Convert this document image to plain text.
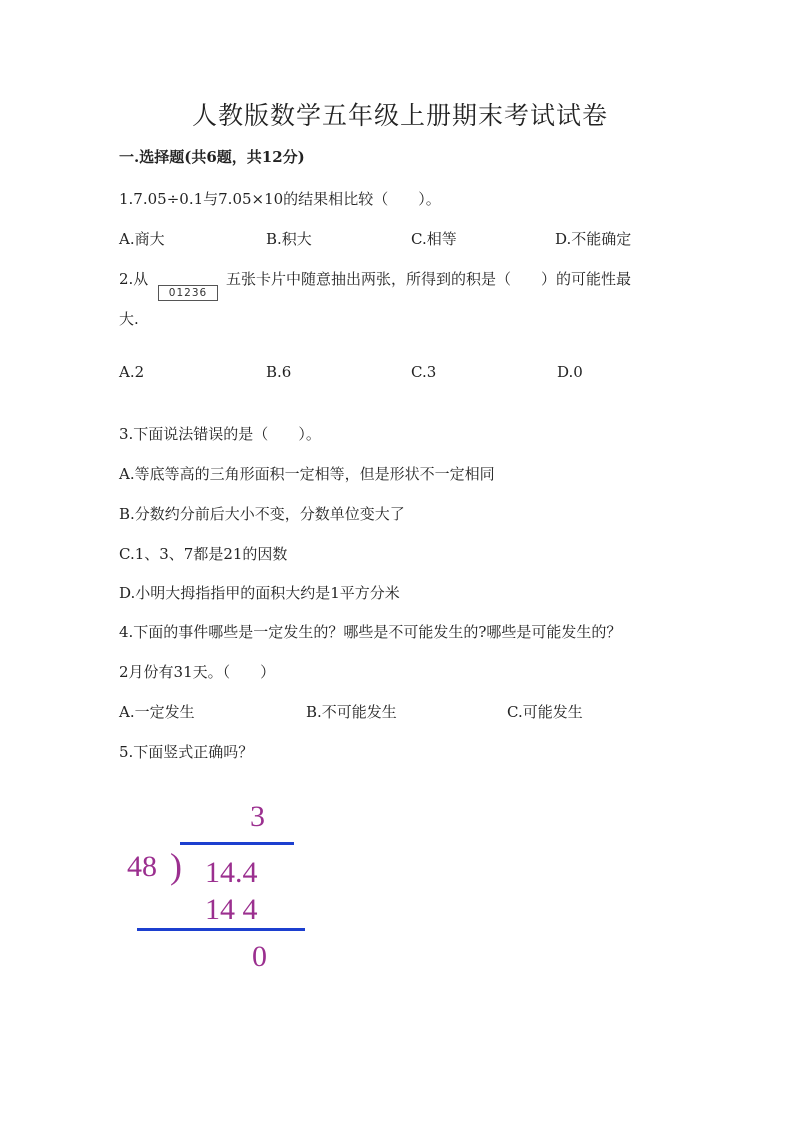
人教版数学五年级上册期末考试试卷
一.选择题(共6题，共12分)
1.7.05÷0.1与7.05×10的结果相比较（　　）。
A.商大	B.积大	C.相等	D.不能确定
2.从
01236
五张卡片中随意抽出两张，所得到的积是（　　）的可能性最
大.
A.2	B.6	C.3	D.0
3.下面说法错误的是（　　）。
A.等底等高的三角形面积一定相等，但是形状不一定相同
B.分数约分前后大小不变，分数单位变大了
C.1、3、7都是21的因数
D.小明大拇指指甲的面积大约是1平方分米
4.下面的事件哪些是一定发生的？哪些是不可能发生的?哪些是可能发生的？
2月份有31天。（　　）
A.一定发生	B.不可能发生	C.可能发生
5.下面竖式正确吗？
3
48 ) 14.4
14 4
0
